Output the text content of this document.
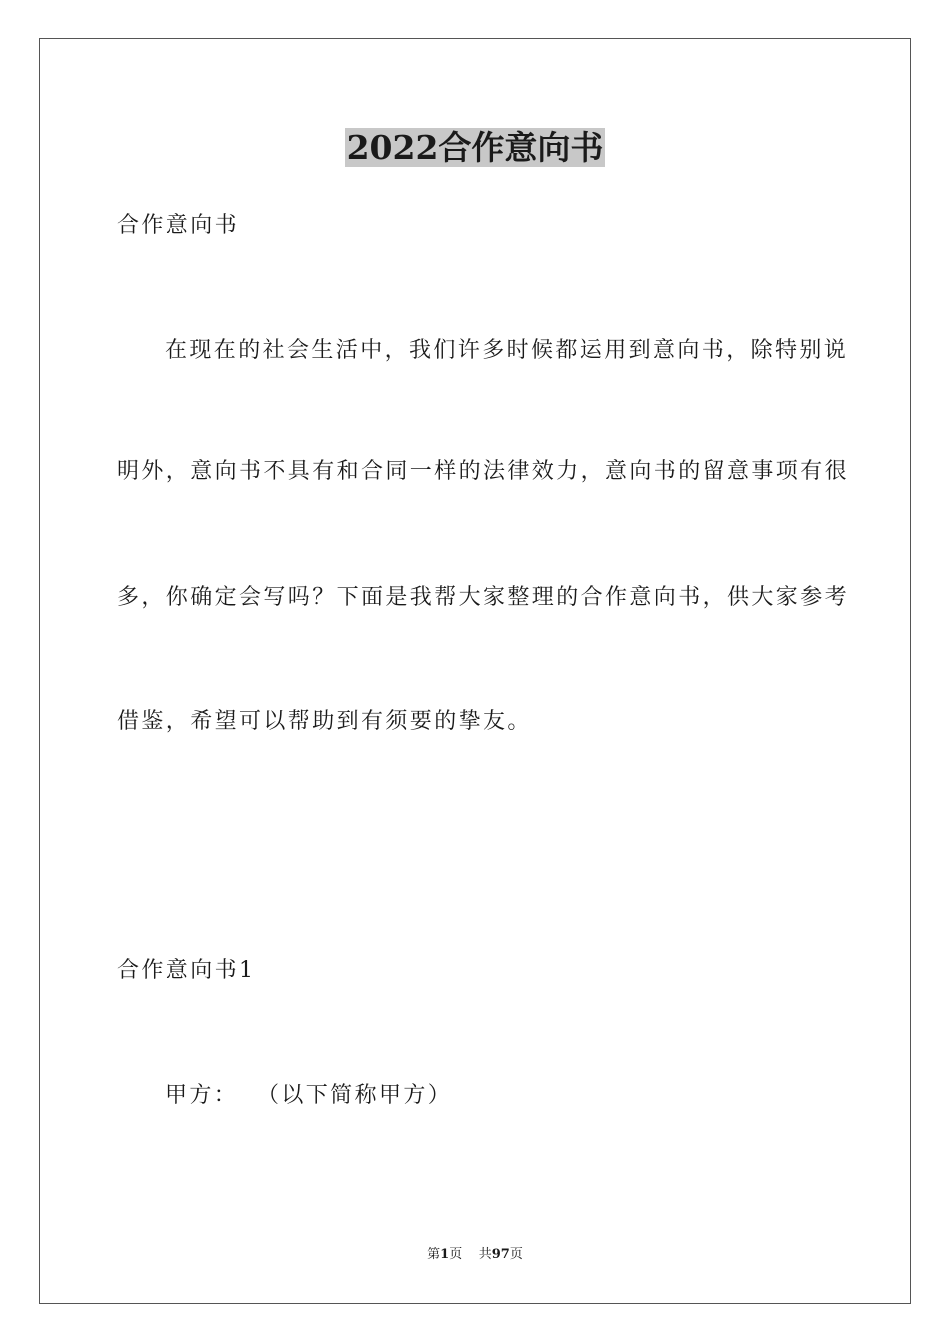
2022合作意向书
合作意向书
在现在的社会生活中，我们许多时候都运用到意向书，除特别说
明外，意向书不具有和合同一样的法律效力，意向书的留意事项有很
多，你确定会写吗？下面是我帮大家整理的合作意向书，供大家参考
借鉴，希望可以帮助到有须要的挚友。
合作意向书1
甲方：  （以下简称甲方）
第1页 共97页
